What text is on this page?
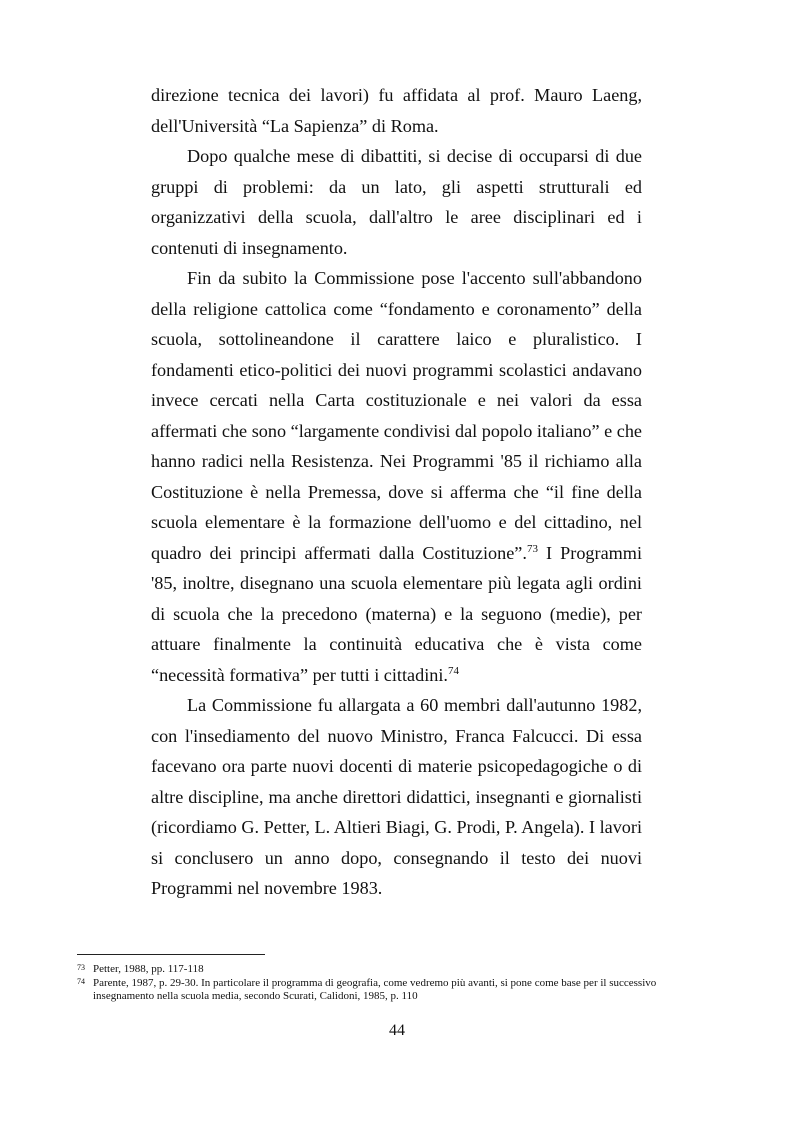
direzione tecnica dei lavori) fu affidata al prof. Mauro Laeng, dell'Università “La Sapienza” di Roma.

Dopo qualche mese di dibattiti, si decise di occuparsi di due gruppi di problemi: da un lato, gli aspetti strutturali ed organizzativi della scuola, dall'altro le aree disciplinari ed i contenuti di insegnamento.

Fin da subito la Commissione pose l'accento sull'abbandono della religione cattolica come “fondamento e coronamento” della scuola, sottolineandone il carattere laico e pluralistico. I fondamenti etico-politici dei nuovi programmi scolastici andavano invece cercati nella Carta costituzionale e nei valori da essa affermati che sono “largamente condivisi dal popolo italiano” e che hanno radici nella Resistenza. Nei Programmi '85 il richiamo alla Costituzione è nella Premessa, dove si afferma che “il fine della scuola elementare è la formazione dell'uomo e del cittadino, nel quadro dei principi affermati dalla Costituzione”.$^{73}$ I Programmi '85, inoltre, disegnano una scuola elementare più legata agli ordini di scuola che la precedono (materna) e la seguono (medie), per attuare finalmente la continuità educativa che è vista come “necessità formativa” per tutti i cittadini.$^{74}$

La Commissione fu allargata a 60 membri dall'autunno 1982, con l'insediamento del nuovo Ministro, Franca Falcucci. Di essa facevano ora parte nuovi docenti di materie psicopedagogiche o di altre discipline, ma anche direttori didattici, insegnanti e giornalisti (ricordiamo G. Petter, L. Altieri Biagi, G. Prodi, P. Angela). I lavori si conclusero un anno dopo, consegnando il testo dei nuovi Programmi nel novembre 1983.

73 Petter, 1988, pp. 117-118

74 Parente, 1987, p. 29-30. In particolare il programma di geografia, come vedremo più avanti, si pone come base per il successivo insegnamento nella scuola media, secondo Scurati, Calidoni, 1985, p. 110

44
